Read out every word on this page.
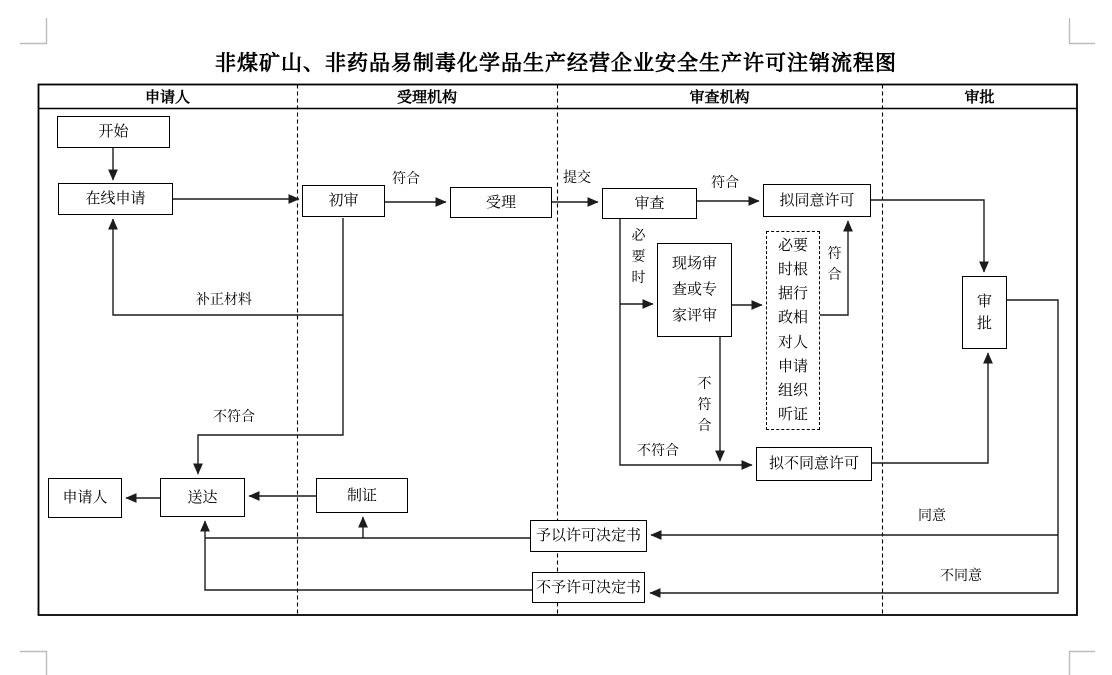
非煤矿山、非药品易制毒化学品生产经营企业安全生产许可注销流程图
申请人	受理机构	审查机构	审批
开始
在线申请	初审	受理	审查	拟同意许可
现场审查或专家评审
必要时根据行政相对人申请组织听证
审批
拟不同意许可
申请人	送达	制证
予以许可决定书
不予许可决定书
符合	提交	符合
必要时
符合
不符合
不符合
补正材料
不符合
同意
不同意
